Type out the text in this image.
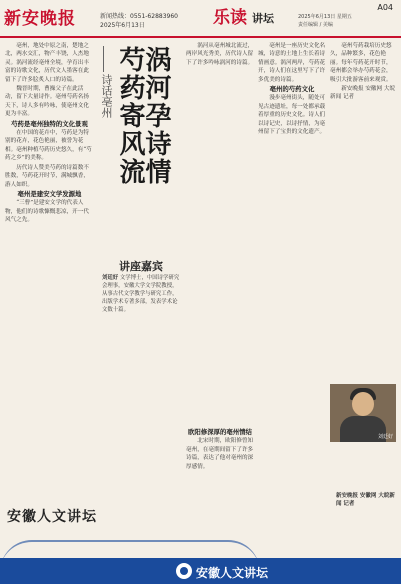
新安晚报	新闻热线：0551-62883960
2025年6月13日	乐读 讲坛
A04
2025年6月13日 星期五
责任编辑 / 美编

亳州，地处中原之南，楚地之北，两水交汇，物产丰饶，人杰地灵。涡河流经亳州全境，孕育出丰富的诗歌文化，历代文人墨客在此留下了许多脍炙人口的诗篇。

魏晋时期，曹操父子在此活动，留下大量诗作。亳州芍药名扬天下，诗人多有吟咏，使亳州文化更为丰富。

芍药是亳州独特的文化景观

在中国的花卉中，芍药是为特别的花卉，花色艳丽，被誉为花相。亳州种植芍药历史悠久，有“芍药之乡”的美称。

历代诗人赞美芍药的诗篇数不胜数，芍药花开时节，满城飘香，游人如织。

亳州是建安文学发源地

“三曹”是建安文学的代表人物，他们的诗歌慷慨悲凉，开一代风气之先。

涡河孕诗情
芍药寄风流
诗话亳州
讲座嘉宾
刘廷好 文学博士，中国诗学研究会理事，安徽大学文学院教授，从事古代文学教学与研究工作，出版学术专著多部，发表学术论文数十篇。

涡河从亳州城北流过，两岸风光秀美，历代诗人留下了许多吟咏涡河的诗篇。

亳州是一座历史文化名城，诗意的土地上生长着诗情画意。涡河两岸，芍药花开，诗人们在这里写下了许多优美的诗篇。

亳州的芍药文化

漫步亳州街头，随处可见古迹遗址，每一处都承载着厚重的历史文化。诗人们以诗记史，以诗抒情，为亳州留下了宝贵的文化遗产。

亳州芍药栽培历史悠久，品种繁多，花色艳丽。每年芍药花开时节，亳州都会举办芍药花会，吸引大批游客前来观赏。

新安晚报 安徽网 大皖新闻 记者

欧阳修深厚的亳州情结

北宋时期，欧阳修曾知亳州，在亳期间留下了许多诗篇，表达了他对亳州的深厚感情。

刘廷好
新安晚报 安徽网 大皖新闻 记者
安徽人文讲坛
安徽人文讲坛
